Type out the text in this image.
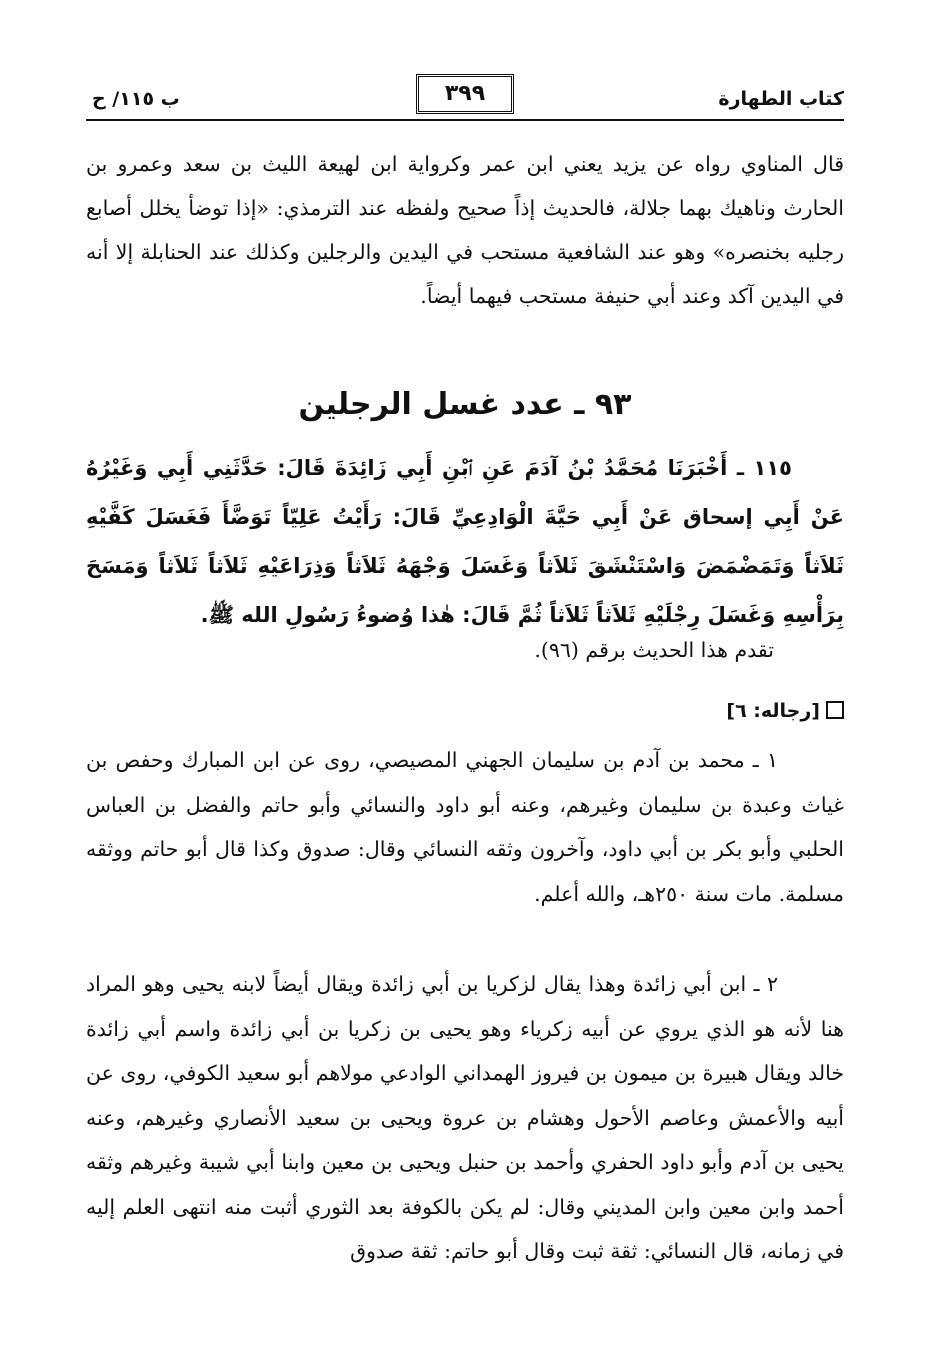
كتاب الطهارة
٣٩٩
ب ١١٥/ ح
قال المناوي رواه عن يزيد يعني ابن عمر وكرواية ابن لهيعة الليث بن سعد وعمرو بن الحارث وناهيك بهما جلالة، فالحديث إذاً صحيح ولفظه عند الترمذي: «إذا توضأ يخلل أصابع رجليه بخنصره» وهو عند الشافعية مستحب في اليدين والرجلين وكذلك عند الحنابلة إلا أنه في اليدين آكد وعند أبي حنيفة مستحب فيهما أيضاً.
٩٣ ـ عدد غسل الرجلين
١١٥ ـ أَخْبَرَنَا مُحَمَّدُ بْنُ آدَمَ عَنِ ٱبْنِ أَبِي زَائِدَةَ قَالَ: حَدَّثَنِي أَبِي وَغَيْرُهُ عَنْ أَبِي إسحاق عَنْ أَبِي حَيَّةَ الْوَادِعِيِّ قَالَ: رَأَيْتُ عَلِيّاً تَوَضَّأَ فَغَسَلَ كَفَّيْهِ ثَلاَثاً وَتَمَضْمَضَ وَاسْتَنْشَقَ ثَلاَثاً وَغَسَلَ وَجْهَهُ ثَلاَثاً وَذِرَاعَيْهِ ثَلاَثاً ثَلاَثاً وَمَسَحَ بِرَأْسِهِ وَغَسَلَ رِجْلَيْهِ ثَلاَثاً ثَلاَثاً ثُمَّ قَالَ: هٰذا وُضوءُ رَسُولِ الله ﷺ.
تقدم هذا الحديث برقم (٩٦).
[رجاله: ٦]
١ ـ محمد بن آدم بن سليمان الجهني المصيصي، روى عن ابن المبارك وحفص بن غياث وعبدة بن سليمان وغيرهم، وعنه أبو داود والنسائي وأبو حاتم والفضل بن العباس الحلبي وأبو بكر بن أبي داود، وآخرون وثقه النسائي وقال: صدوق وكذا قال أبو حاتم ووثقه مسلمة. مات سنة ٢٥٠هـ، والله أعلم.
٢ ـ ابن أبي زائدة وهذا يقال لزكريا بن أبي زائدة ويقال أيضاً لابنه يحيى وهو المراد هنا لأنه هو الذي يروي عن أبيه زكرياء وهو يحيى بن زكريا بن أبي زائدة واسم أبي زائدة خالد ويقال هبيرة بن ميمون بن فيروز الهمداني الوادعي مولاهم أبو سعيد الكوفي، روى عن أبيه والأعمش وعاصم الأحول وهشام بن عروة ويحيى بن سعيد الأنصاري وغيرهم، وعنه يحيى بن آدم وأبو داود الحفري وأحمد بن حنبل ويحيى بن معين وابنا أبي شيبة وغيرهم وثقه أحمد وابن معين وابن المديني وقال: لم يكن بالكوفة بعد الثوري أثبت منه انتهى العلم إليه في زمانه، قال النسائي: ثقة ثبت وقال أبو حاتم: ثقة صدوق
